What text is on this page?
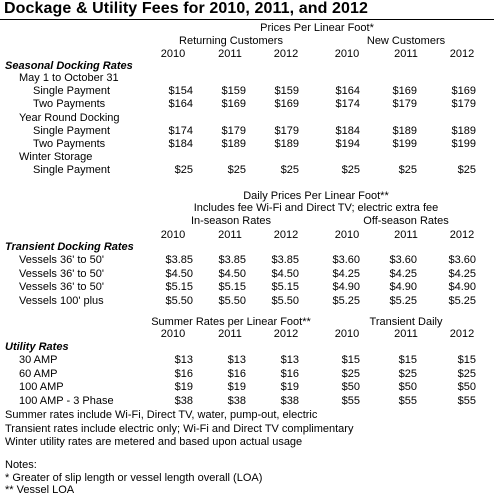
Dockage & Utility Fees for 2010, 2011, and 2012
Prices Per Linear Foot*
Returning Customers	New Customers
2010	2011	2012	2010	2011	2012
Seasonal Docking Rates
May 1 to October 31
Single Payment	$154	$159	$159	$164	$169	$169
Two Payments	$164	$169	$169	$174	$179	$179
Year Round Docking
Single Payment	$174	$179	$179	$184	$189	$189
Two Payments	$184	$189	$189	$194	$199	$199
Winter Storage
Single Payment	$25	$25	$25	$25	$25	$25
Daily Prices Per Linear Foot**
Includes fee Wi-Fi and Direct TV; electric extra fee
In-season Rates	Off-season Rates
2010	2011	2012	2010	2011	2012
Transient Docking Rates
Vessels 36' to 50'	$3.85 $3.85 $3.85	$3.60	$3.60	$3.60
Vessels 36' to 50'	$4.50 $4.50 $4.50	$4.25	$4.25	$4.25
Vessels 36' to 50'	$5.15 $5.15 $5.15	$4.90	$4.90	$4.90
Vessels 100' plus	$5.50 $5.50 $5.50	$5.25	$5.25	$5.25
Summer Rates per Linear Foot**	Transient Daily
2010	2011	2012	2010	2011	2012
Utility Rates
30 AMP	$13	$13	$13	$15	$15	$15
60 AMP	$16	$16	$16	$25	$25	$25
100 AMP	$19	$19	$19	$50	$50	$50
100 AMP - 3 Phase	$38	$38	$38	$55	$55	$55
Summer rates include Wi-Fi, Direct TV, water, pump-out, electric
Transient rates include electric only; Wi-Fi and Direct TV complimentary
Winter utility rates are metered and based upon actual usage
Notes:
* Greater of slip length or vessel length overall (LOA)
** Vessel LOA
